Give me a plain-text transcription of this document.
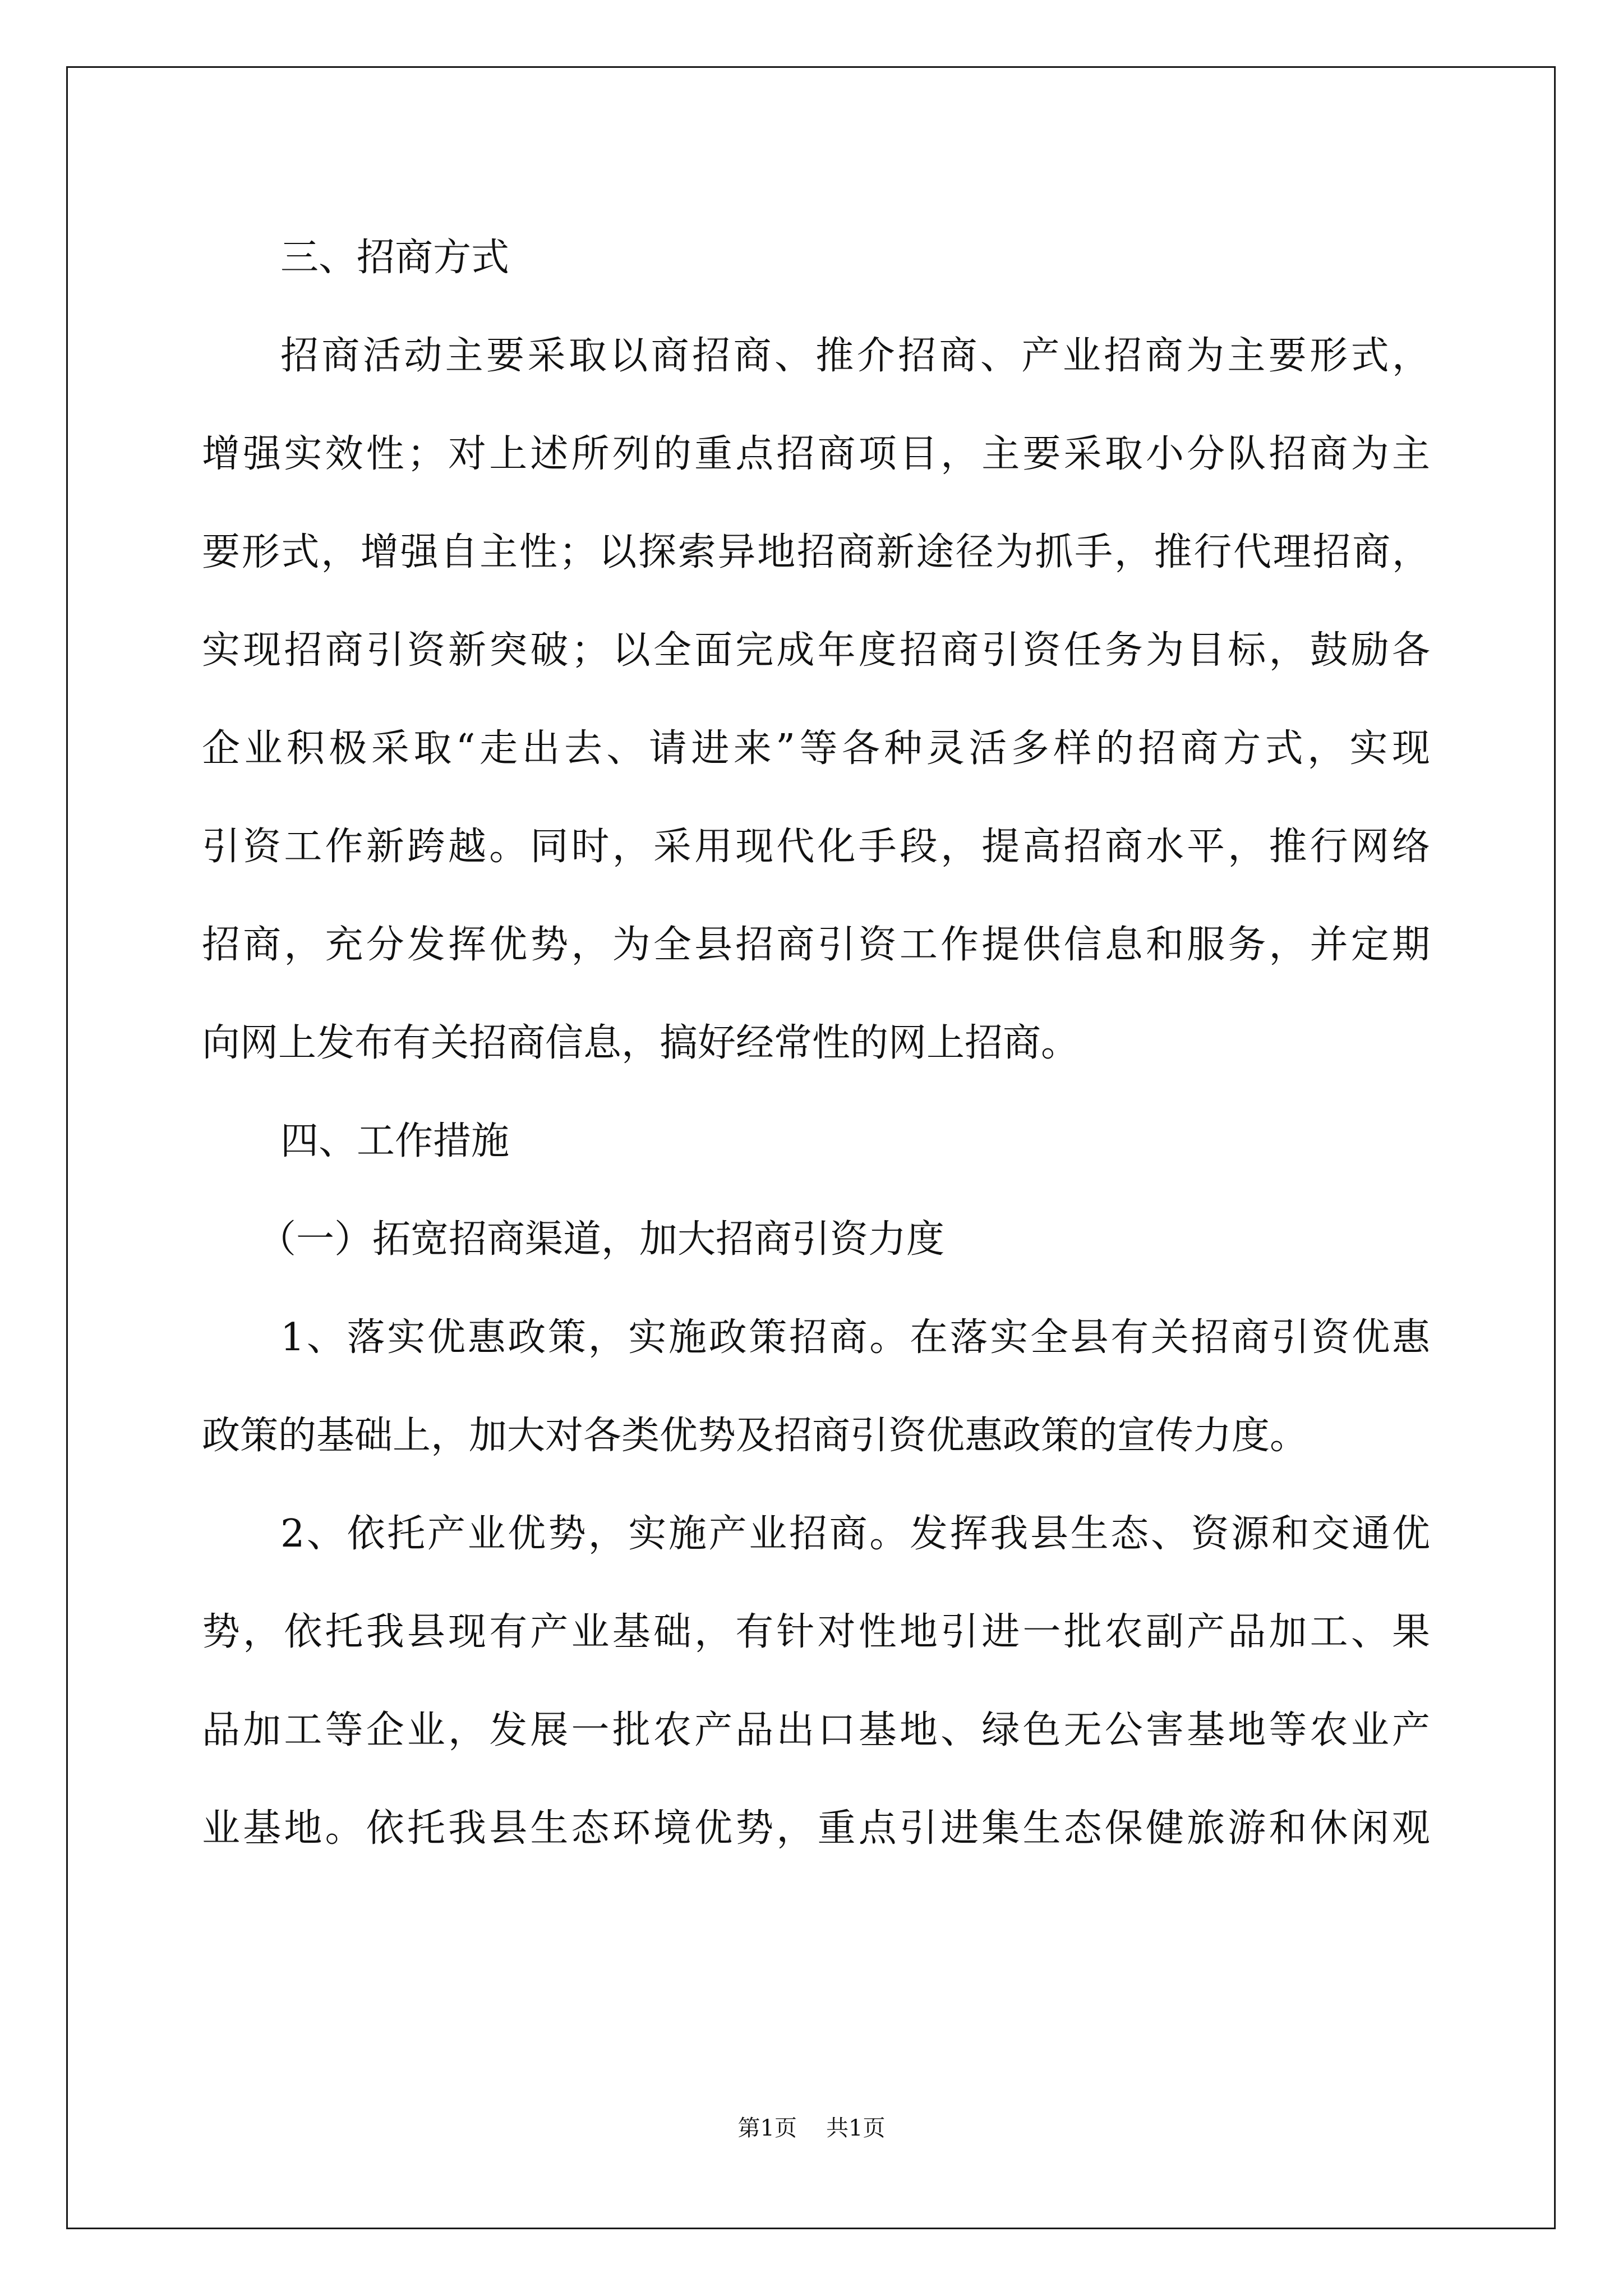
三、招商方式
招商活动主要采取以商招商、推介招商、产业招商为主要形式，
增强实效性；对上述所列的重点招商项目，主要采取小分队招商为主
要形式，增强自主性；以探索异地招商新途径为抓手，推行代理招商，
实现招商引资新突破；以全面完成年度招商引资任务为目标，鼓励各
企业积极采取“走出去、请进来”等各种灵活多样的招商方式，实现
引资工作新跨越。同时，采用现代化手段，提高招商水平，推行网络
招商，充分发挥优势，为全县招商引资工作提供信息和服务，并定期
向网上发布有关招商信息，搞好经常性的网上招商。
四、工作措施
（一）拓宽招商渠道，加大招商引资力度
1、落实优惠政策，实施政策招商。在落实全县有关招商引资优惠
政策的基础上，加大对各类优势及招商引资优惠政策的宣传力度。
2、依托产业优势，实施产业招商。发挥我县生态、资源和交通优
势，依托我县现有产业基础，有针对性地引进一批农副产品加工、果
品加工等企业，发展一批农产品出口基地、绿色无公害基地等农业产
业基地。依托我县生态环境优势，重点引进集生态保健旅游和休闲观
第1页 共1页
